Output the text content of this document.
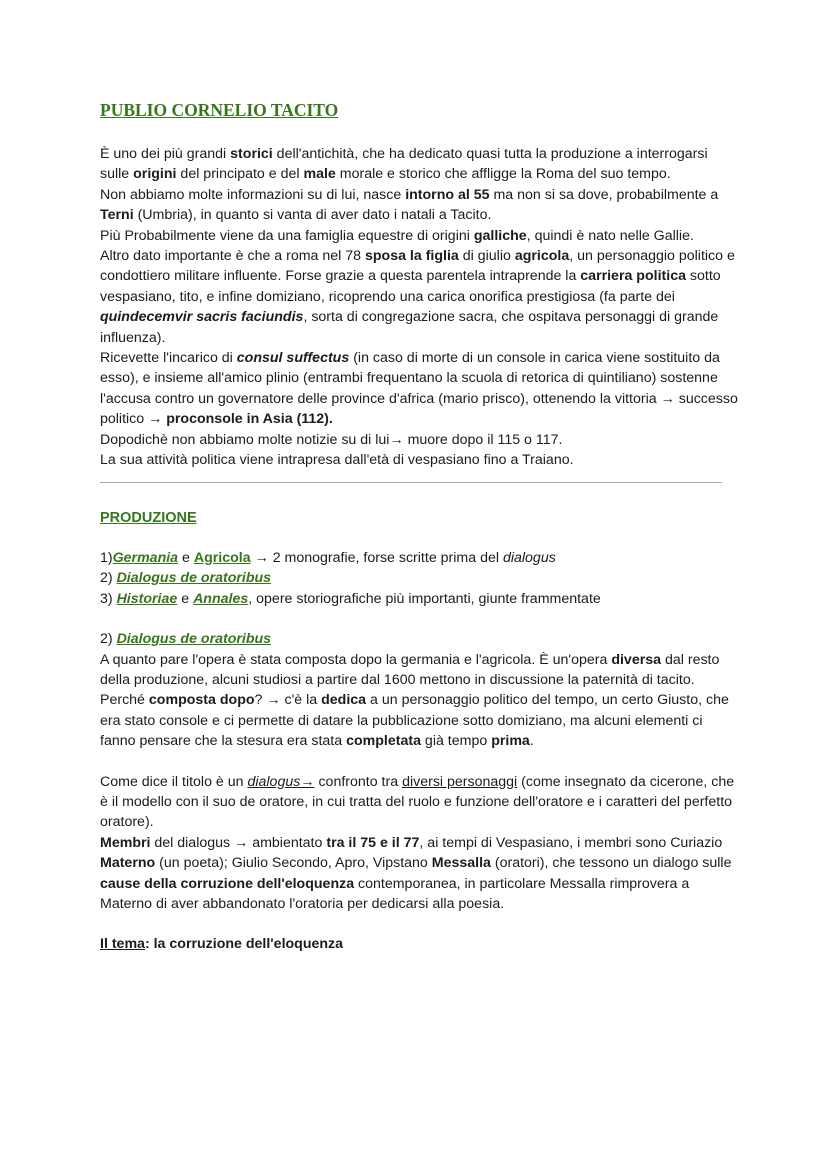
PUBLIO CORNELIO TACITO

È uno dei più grandi storici dell'antichità, che ha dedicato quasi tutta la produzione a interrogarsi sulle origini del principato e del male morale e storico che affligge la Roma del suo tempo.

Non abbiamo molte informazioni su di lui, nasce intorno al 55 ma non si sa dove, probabilmente a Terni (Umbria), in quanto si vanta di aver dato i natali a Tacito.

Più Probabilmente viene da una famiglia equestre di origini galliche, quindi è nato nelle Gallie.

Altro dato importante è che a roma nel 78 sposa la figlia di giulio agricola, un personaggio politico e condottiero militare influente. Forse grazie a questa parentela intraprende la carriera politica sotto vespasiano, tito, e infine domiziano, ricoprendo una carica onorifica prestigiosa (fa parte dei quindecemvir sacris faciundis, sorta di congregazione sacra, che ospitava personaggi di grande influenza).

Ricevette l'incarico di consul suffectus (in caso di morte di un console in carica viene sostituito da esso), e insieme all'amico plinio (entrambi frequentano la scuola di retorica di quintiliano) sostenne l'accusa contro un governatore delle province d'africa (mario prisco), ottenendo la vittoria → successo politico → proconsole in Asia (112).

Dopodichè non abbiamo molte notizie su di lui→ muore dopo il 115 o 117.

La sua attività politica viene intrapresa dall'età di vespasiano fino a Traiano.

PRODUZIONE

1)Germania e Agricola → 2 monografie, forse scritte prima del dialogus

2) Dialogus de oratoribus

3) Historiae e Annales, opere storiografiche più importanti, giunte frammentate

2) Dialogus de oratoribus

A quanto pare l'opera è stata composta dopo la germania e l'agricola. È un'opera diversa dal resto della produzione, alcuni studiosi a partire dal 1600 mettono in discussione la paternità di tacito.

Perché composta dopo? → c'è la dedica a un personaggio politico del tempo, un certo Giusto, che era stato console e ci permette di datare la pubblicazione sotto domiziano, ma alcuni elementi ci fanno pensare che la stesura era stata completata già tempo prima.

Come dice il titolo è un dialogus→ confronto tra diversi personaggi (come insegnato da cicerone, che è il modello con il suo de oratore, in cui tratta del ruolo e funzione dell'oratore e i caratteri del perfetto oratore).

Membri del dialogus → ambientato tra il 75 e il 77, ai tempi di Vespasiano, i membri sono Curiazio Materno (un poeta); Giulio Secondo, Apro, Vipstano Messalla (oratori), che tessono un dialogo sulle cause della corruzione dell'eloquenza contemporanea, in particolare Messalla rimprovera a Materno di aver abbandonato l'oratoria per dedicarsi alla poesia.

Il tema: la corruzione dell'eloquenza
